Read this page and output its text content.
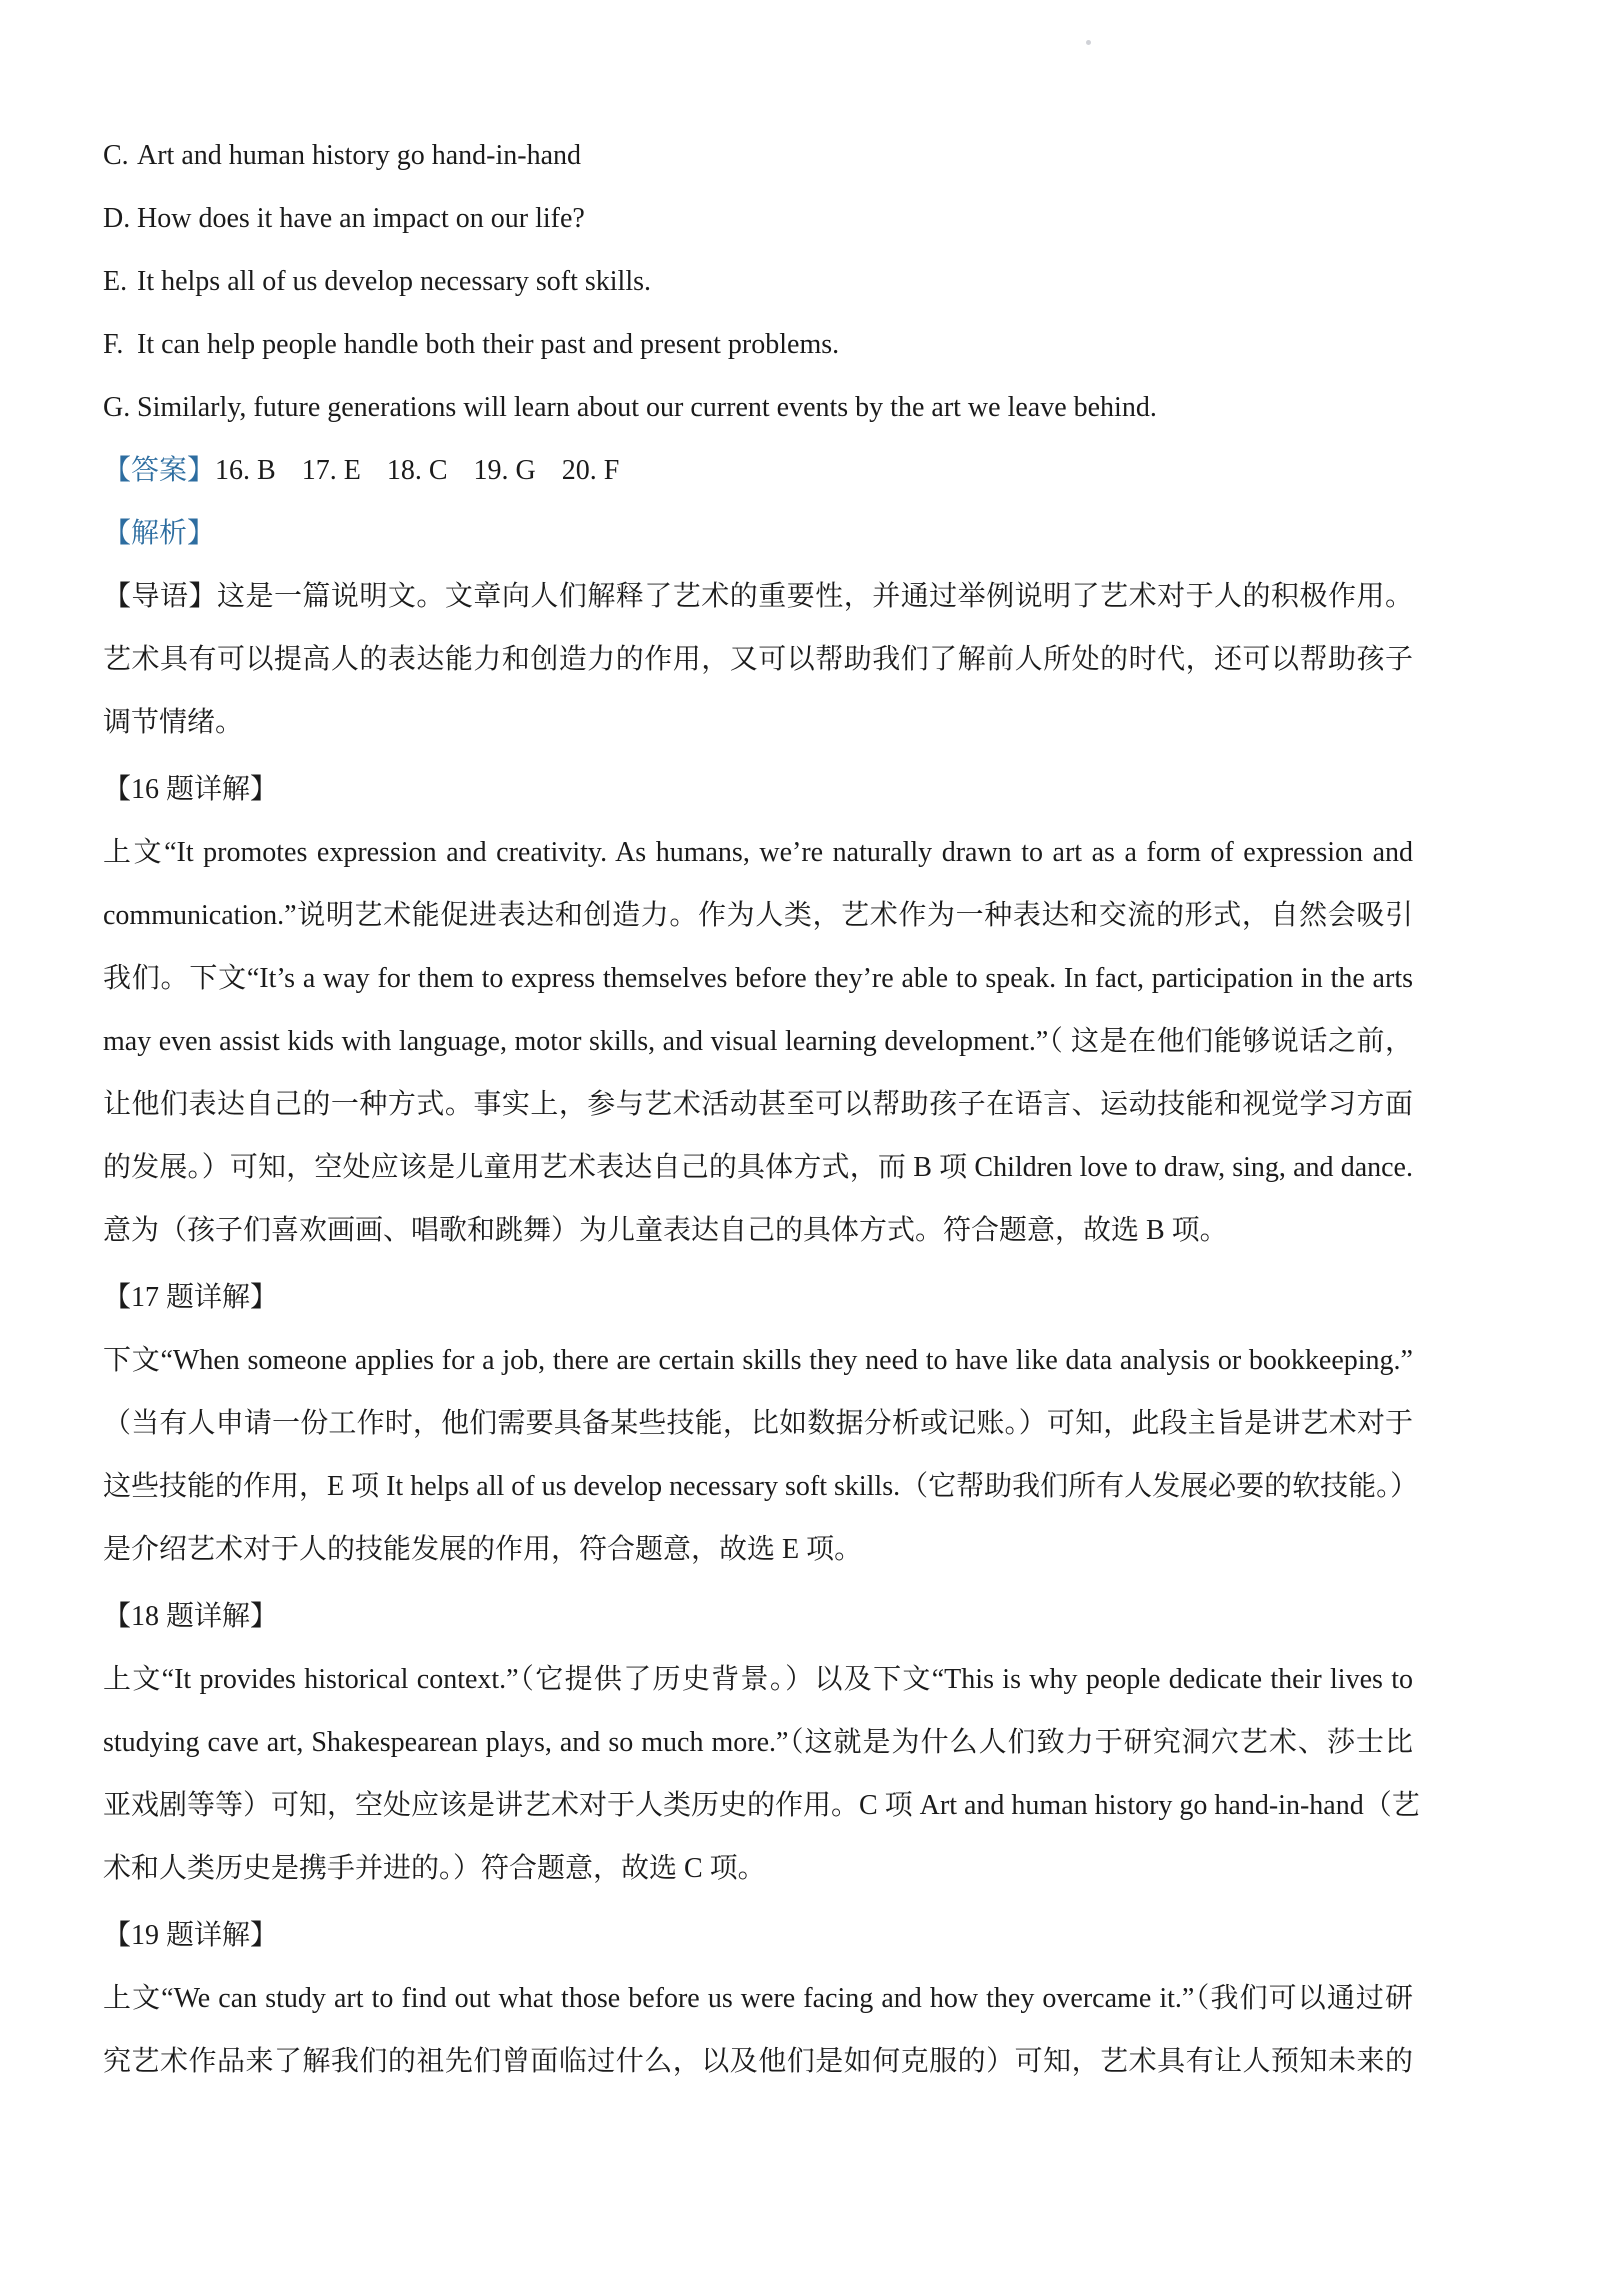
C. Art and human history go hand-in-hand
D. How does it have an impact on our life?
E. It helps all of us develop necessary soft skills.
F. It can help people handle both their past and present problems.
G. Similarly, future generations will learn about our current events by the art we leave behind.
【答案】16. B 17. E 18. C 19. G 20. F
【解析】
【导语】这是一篇说明文。文章向人们解释了艺术的重要性，并通过举例说明了艺术对于人的积极作用。
艺术具有可以提高人的表达能力和创造力的作用，又可以帮助我们了解前人所处的时代，还可以帮助孩子
调节情绪。
【16 题详解】
上文“It promotes expression and creativity. As humans, we’re naturally drawn to art as a form of expression and
communication.”说明艺术能促进表达和创造力。作为人类，艺术作为一种表达和交流的形式，自然会吸引
我们。下文“It’s a way for them to express themselves before they’re able to speak. In fact, participation in the arts
may even assist kids with language, motor skills, and visual learning development.”（ 这是在他们能够说话之前，
让他们表达自己的一种方式。事实上，参与艺术活动甚至可以帮助孩子在语言、运动技能和视觉学习方面
的发展。）可知，空处应该是儿童用艺术表达自己的具体方式，而 B 项 Children love to draw, sing, and dance.
意为（孩子们喜欢画画、唱歌和跳舞）为儿童表达自己的具体方式。符合题意，故选 B 项。
【17 题详解】
下文“When someone applies for a job, there are certain skills they need to have like data analysis or bookkeeping.”
（当有人申请一份工作时，他们需要具备某些技能，比如数据分析或记账。）可知，此段主旨是讲艺术对于
这些技能的作用，E 项 It helps all of us develop necessary soft skills.（它帮助我们所有人发展必要的软技能。）
是介绍艺术对于人的技能发展的作用，符合题意，故选 E 项。
【18 题详解】
上文“It provides historical context.”（它提供了历史背景。）以及下文“This is why people dedicate their lives to
studying cave art, Shakespearean plays, and so much more.”（这就是为什么人们致力于研究洞穴艺术、莎士比
亚戏剧等等）可知，空处应该是讲艺术对于人类历史的作用。C 项 Art and human history go hand-in-hand（艺
术和人类历史是携手并进的。）符合题意，故选 C 项。
【19 题详解】
上文“We can study art to find out what those before us were facing and how they overcame it.”（我们可以通过研
究艺术作品来了解我们的祖先们曾面临过什么，以及他们是如何克服的）可知，艺术具有让人预知未来的
